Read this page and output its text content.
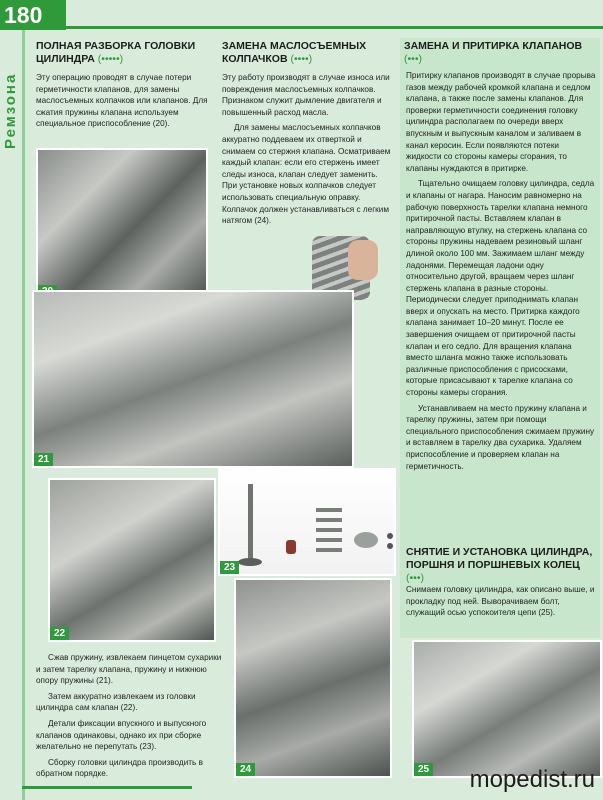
180
Ремзона
ПОЛНАЯ РАЗБОРКА ГОЛОВКИ ЦИЛИНДРА (•••••)

Эту операцию проводят в случае потери герметичности клапанов, для замены маслосъемных колпачков или клапанов. Для сжатия пружины клапана используем специальное приспособление (20).

Сжав пружину, извлекаем пинцетом сухарики и затем тарелку клапана, пружину и нижнюю опору пружины (21).

Затем аккуратно извлекаем из головки цилиндра сам клапан (22).

Детали фиксации впускного и выпускного клапанов одинаковы, однако их при сборке желательно не перепутать (23).

Сборку головки цилиндра производить в обратном порядке.

ЗАМЕНА МАСЛОСЪЕМНЫХ КОЛПАЧКОВ (••••)

Эту работу производят в случае износа или повреждения маслосъемных колпачков. Признаком служит дымление двигателя и повышенный расход масла.

Для замены маслосъемных колпачков аккуратно поддеваем их отверткой и снимаем со стержня клапана. Осматриваем каждый клапан: если его стержень имеет следы износа, клапан следует заменить. При установке новых колпачков следует использовать специальную оправку. Колпачок должен устанавливаться с легким натягом (24).

ЗАМЕНА И ПРИТИРКА КЛАПАНОВ (•••)

Притирку клапанов производят в случае прорыва газов между рабочей кромкой клапана и седлом клапана, а также после замены клапанов. Для проверки герметичности соединения головку цилиндра располагаем по очереди вверх впускным и выпускным каналом и заливаем в канал керосин. Если появляются потеки жидкости со стороны камеры сгорания, то клапаны нуждаются в притирке.

Тщательно очищаем головку цилиндра, седла и клапаны от нагара. Наносим равномерно на рабочую поверхность тарелки клапана немного притирочной пасты. Вставляем клапан в направляющую втулку, на стержень клапана со стороны пружины надеваем резиновый шланг длиной около 100 мм. Зажимаем шланг между ладонями. Перемещая ладони одну относительно другой, вращаем через шланг стержень клапана в разные стороны. Периодически следует приподнимать клапан вверх и опускать на место. Притирка каждого клапана занимает 10–20 минут. После ее завершения очищаем от притирочной пасты клапан и его седло. Для вращения клапана вместо шланга можно также использовать различные приспособления с присосками, которые присасывают к тарелке клапана со стороны камеры сгорания.

Устанавливаем на место пружину клапана и тарелку пружины, затем при помощи специального приспособления сжимаем пружину и вставляем в тарелку два сухарика. Удаляем приспособление и проверяем клапан на герметичность.

СНЯТИЕ И УСТАНОВКА ЦИЛИНДРА, ПОРШНЯ И ПОРШНЕВЫХ КОЛЕЦ (•••)

Снимаем головку цилиндра, как описано выше, и прокладку под ней. Выворачиваем болт, служащий осью успокоителя цепи (25).

21
22
23
24	25 mopedist.ru
